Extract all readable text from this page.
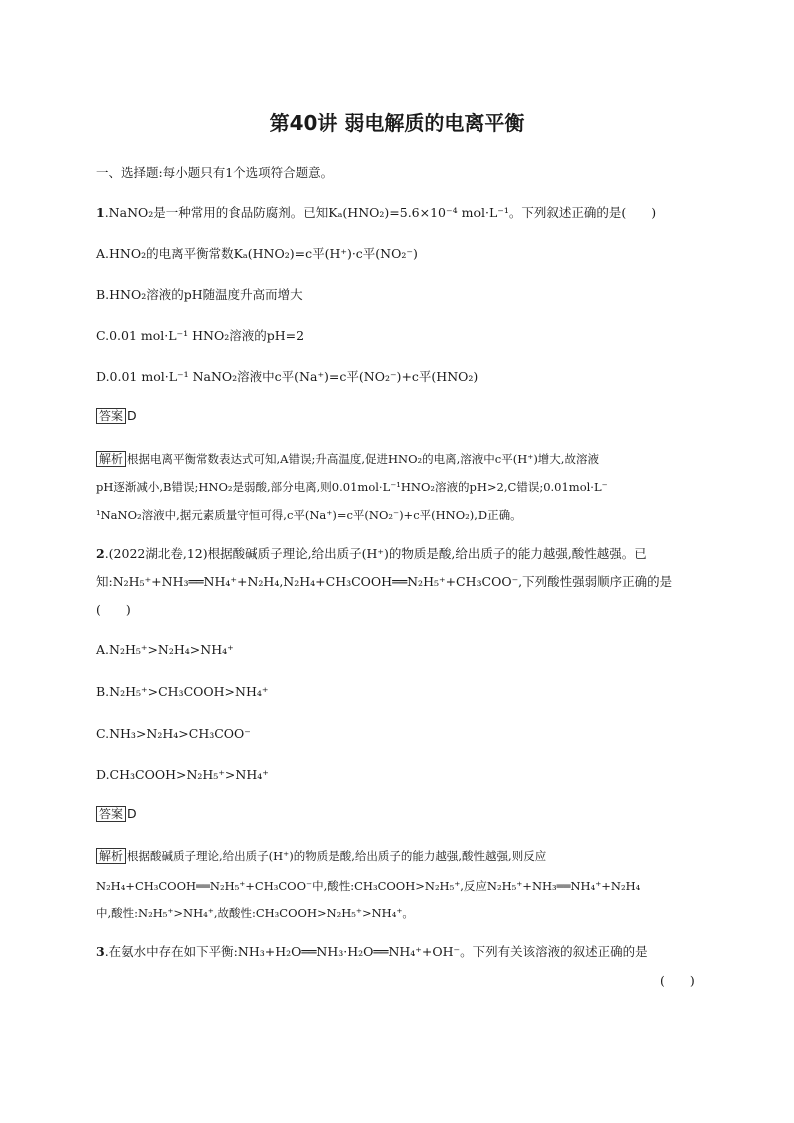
第40讲 弱电解质的电离平衡
一、选择题:每小题只有1个选项符合题意。
1.NaNO₂是一种常用的食品防腐剂。已知Kₐ(HNO₂)=5.6×10⁻⁴ mol·L⁻¹。下列叙述正确的是(　　)
A.HNO₂的电离平衡常数Kₐ(HNO₂)=c平(H⁺)·c平(NO₂⁻)
B.HNO₂溶液的pH随温度升高而增大
C.0.01 mol·L⁻¹ HNO₂溶液的pH=2
D.0.01 mol·L⁻¹ NaNO₂溶液中c平(Na⁺)=c平(NO₂⁻)+c平(HNO₂)
答案 D
解析 根据电离平衡常数表达式可知,A错误;升高温度,促进HNO₂的电离,溶液中c平(H⁺)增大,故溶液
pH逐渐减小,B错误;HNO₂是弱酸,部分电离,则0.01mol·L⁻¹HNO₂溶液的pH>2,C错误;0.01mol·L⁻
¹NaNO₂溶液中,据元素质量守恒可得,c平(Na⁺)=c平(NO₂⁻)+c平(HNO₂),D正确。
2.(2022湖北卷,12)根据酸碱质子理论,给出质子(H⁺)的物质是酸,给出质子的能力越强,酸性越强。已
知:N₂H₅⁺+NH₃══NH₄⁺+N₂H₄,N₂H₄+CH₃COOH══N₂H₅⁺+CH₃COO⁻,下列酸性强弱顺序正确的是
(　　)
A.N₂H₅⁺>N₂H₄>NH₄⁺
B.N₂H₅⁺>CH₃COOH>NH₄⁺
C.NH₃>N₂H₄>CH₃COO⁻
D.CH₃COOH>N₂H₅⁺>NH₄⁺
答案 D
解析 根据酸碱质子理论,给出质子(H⁺)的物质是酸,给出质子的能力越强,酸性越强,则反应
N₂H₄+CH₃COOH══N₂H₅⁺+CH₃COO⁻中,酸性:CH₃COOH>N₂H₅⁺,反应N₂H₅⁺+NH₃══NH₄⁺+N₂H₄
中,酸性:N₂H₅⁺>NH₄⁺,故酸性:CH₃COOH>N₂H₅⁺>NH₄⁺。
3.在氨水中存在如下平衡:NH₃+H₂O══NH₃·H₂O══NH₄⁺+OH⁻。下列有关该溶液的叙述正确的是
(　　)
